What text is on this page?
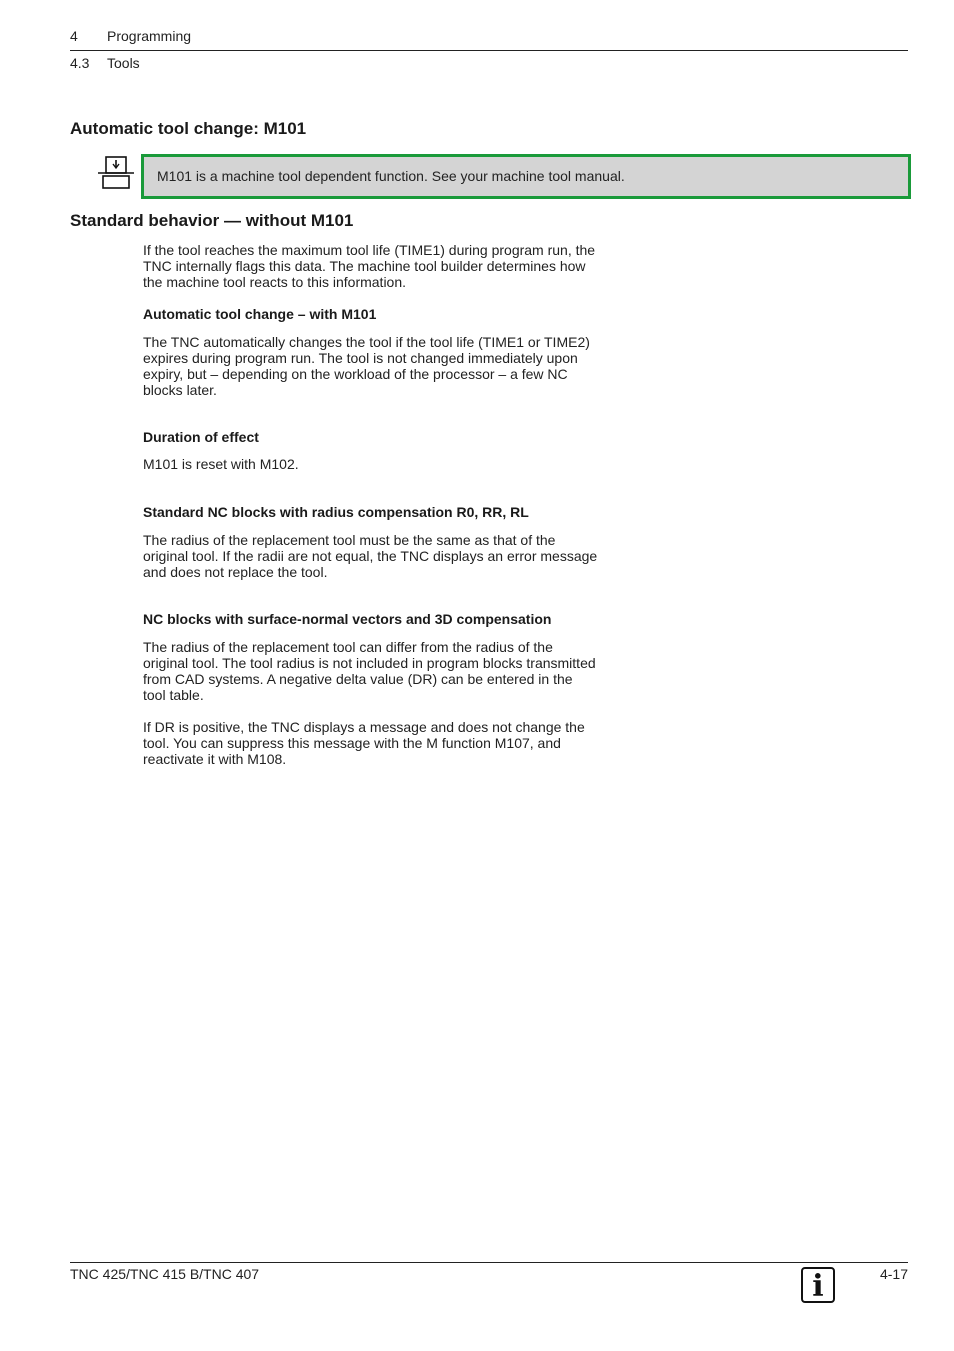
4 Programming
4.3 Tools
Automatic tool change: M101
M101 is a machine tool dependent function. See your machine tool manual.
Standard behavior — without M101
If the tool reaches the maximum tool life (TIME1) during program run, the
TNC internally flags this data. The machine tool builder determines how
the machine tool reacts to this information.
Automatic tool change – with M101
The TNC automatically changes the tool if the tool life (TIME1 or TIME2)
expires during program run. The tool is not changed immediately upon
expiry, but – depending on the workload of the processor – a few NC
blocks later.
Duration of effect
M101 is reset with M102.
Standard NC blocks with radius compensation R0, RR, RL
The radius of the replacement tool must be the same as that of the
original tool. If the radii are not equal, the TNC displays an error message
and does not replace the tool.
NC blocks with surface-normal vectors and 3D compensation
The radius of the replacement tool can differ from the radius of the
original tool. The tool radius is not included in program blocks transmitted
from CAD systems. A negative delta value (DR) can be entered in the
tool table.
If DR is positive, the TNC displays a message and does not change the
tool. You can suppress this message with the M function M107, and
reactivate it with M108.
TNC 425/TNC 415 B/TNC 407	i	4-17
